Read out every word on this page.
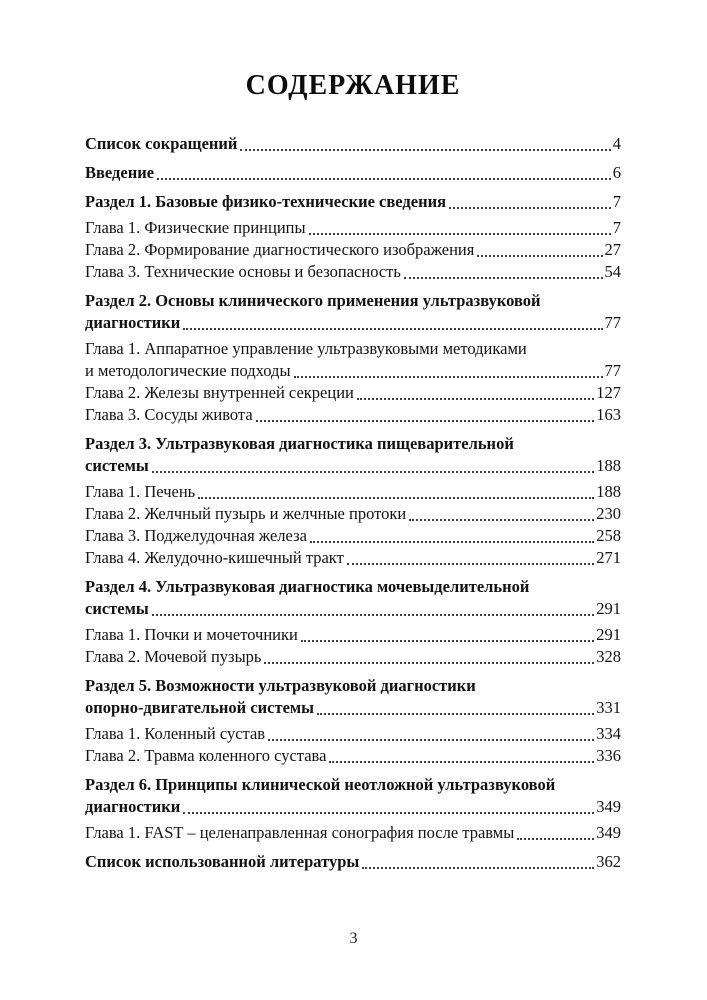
СОДЕРЖАНИЕ
Список сокращений	4
Введение	6
Раздел 1. Базовые физико-технические сведения	7
Глава 1. Физические принципы	7
Глава 2. Формирование диагностического изображения	27
Глава 3. Технические основы и безопасность	54
Раздел 2. Основы клинического применения ультразвуковой
диагностики	77
Глава 1. Аппаратное управление ультразвуковыми методиками
и методологические подходы	77
Глава 2. Железы внутренней секреции	127
Глава 3. Сосуды живота	163
Раздел 3. Ультразвуковая диагностика пищеварительной
системы	188
Глава 1. Печень	188
Глава 2. Желчный пузырь и желчные протоки	230
Глава 3. Поджелудочная железа	258
Глава 4. Желудочно-кишечный тракт	271
Раздел 4. Ультразвуковая диагностика мочевыделительной
системы	291
Глава 1. Почки и мочеточники	291
Глава 2. Мочевой пузырь	328
Раздел 5. Возможности ультразвуковой диагностики
опорно-двигательной системы	331
Глава 1. Коленный сустав	334
Глава 2. Травма коленного сустава	336
Раздел 6. Принципы клинической неотложной ультразвуковой
диагностики	349
Глава 1. FAST – целенаправленная сонография после травмы	349
Список использованной литературы	362
3
